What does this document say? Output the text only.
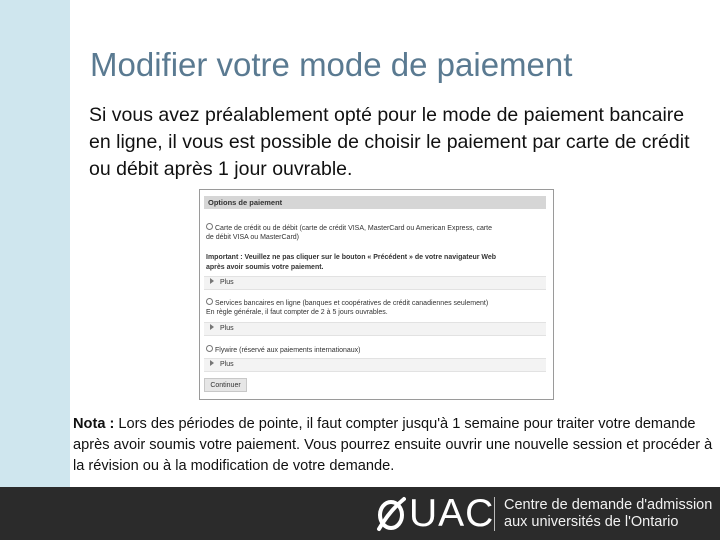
Modifier votre mode de paiement
Si vous avez préalablement opté pour le mode de paiement bancaire en ligne, il vous est possible de choisir le paiement par carte de crédit ou débit après 1 jour ouvrable.
Options de paiement
Carte de crédit ou de débit (carte de crédit VISA, MasterCard ou American Express, carte
de débit VISA ou MasterCard)
Important : Veuillez ne pas cliquer sur le bouton « Précédent » de votre navigateur Web
après avoir soumis votre paiement.
Plus
Services bancaires en ligne (banques et coopératives de crédit canadiennes seulement)
En règle générale, il faut compter de 2 à 5 jours ouvrables.
Plus
Flywire (réservé aux paiements internationaux)
Plus
Continuer
Nota : Lors des périodes de pointe, il faut compter jusqu'à 1 semaine pour traiter votre demande après avoir soumis votre paiement. Vous pourrez ensuite ouvrir une nouvelle session et procéder à la révision ou à la modification de votre demande.
UAC Centre de demande d'admission
aux universités de l'Ontario
